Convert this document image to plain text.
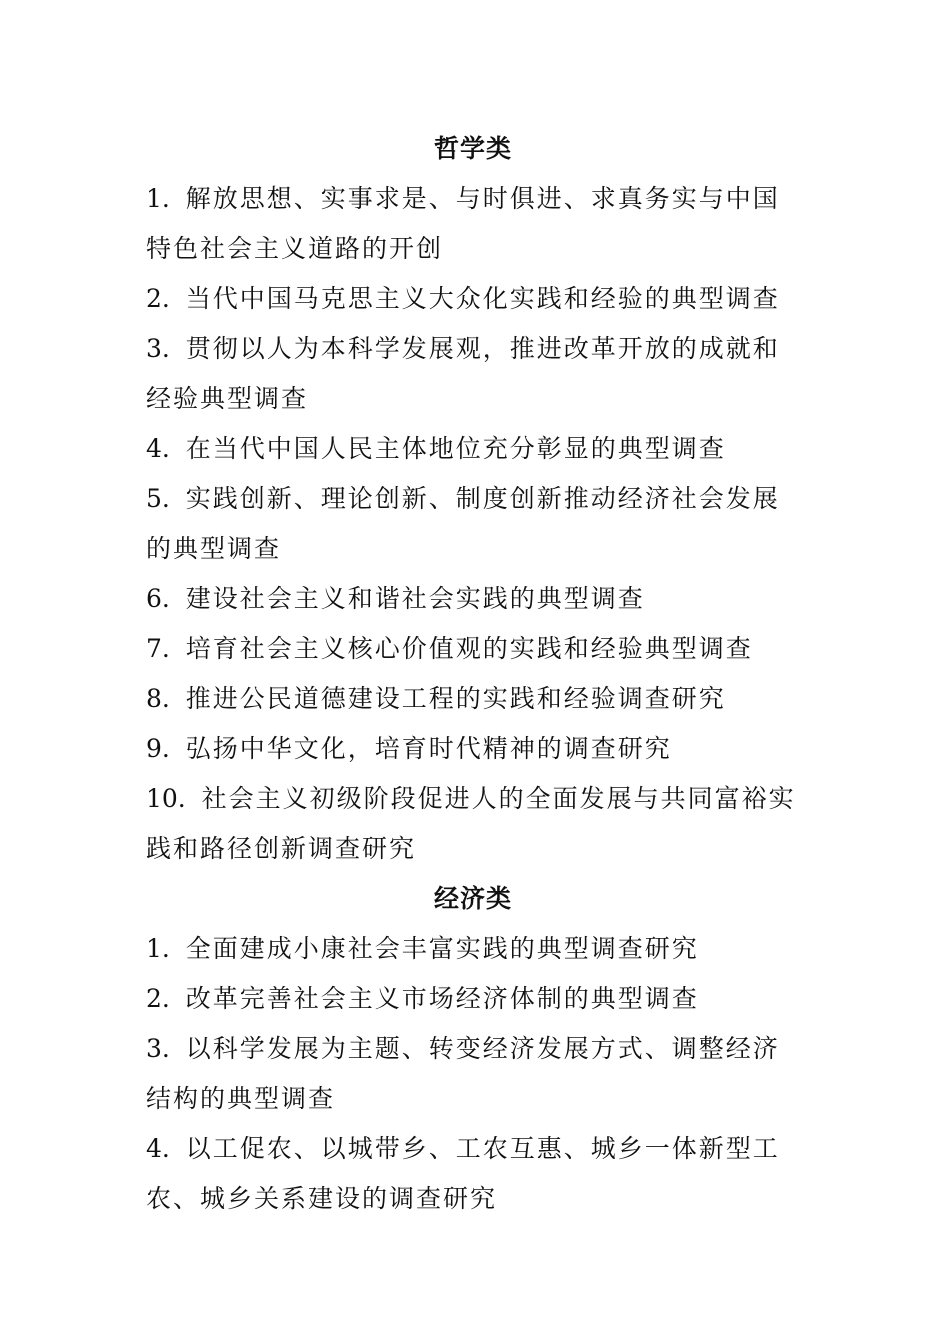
哲学类
1. 解放思想、实事求是、与时俱进、求真务实与中国特色社会主义道路的开创
2. 当代中国马克思主义大众化实践和经验的典型调查
3. 贯彻以人为本科学发展观，推进改革开放的成就和经验典型调查
4. 在当代中国人民主体地位充分彰显的典型调查
5. 实践创新、理论创新、制度创新推动经济社会发展的典型调查
6. 建设社会主义和谐社会实践的典型调查
7. 培育社会主义核心价值观的实践和经验典型调查
8. 推进公民道德建设工程的实践和经验调查研究
9. 弘扬中华文化，培育时代精神的调查研究
10. 社会主义初级阶段促进人的全面发展与共同富裕实践和路径创新调查研究
经济类
1. 全面建成小康社会丰富实践的典型调查研究
2. 改革完善社会主义市场经济体制的典型调查
3. 以科学发展为主题、转变经济发展方式、调整经济结构的典型调查
4. 以工促农、以城带乡、工农互惠、城乡一体新型工农、城乡关系建设的调查研究
